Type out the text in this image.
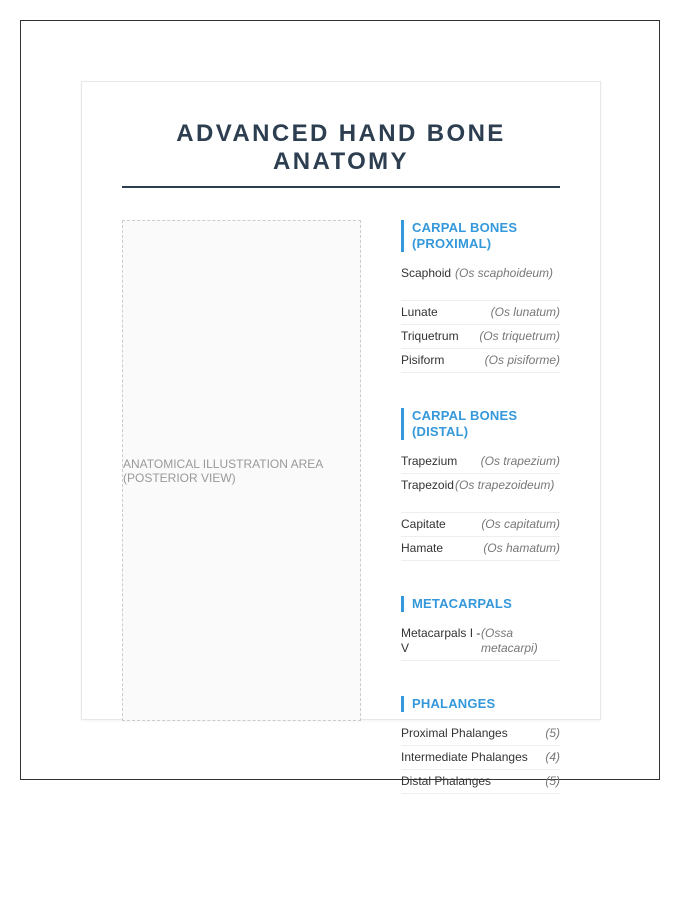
ADVANCED HAND BONE ANATOMY
ANATOMICAL ILLUSTRATION AREA (POSTERIOR VIEW)
CARPAL BONES (PROXIMAL)
Scaphoid (Os scaphoideum)
Lunate	(Os lunatum)
Triquetrum (Os triquetrum)
Pisiform	(Os pisiforme)
CARPAL BONES (DISTAL)
Trapezium (Os trapezium)
Trapezoid (Os trapezoideum)
Capitate	(Os capitatum)
Hamate	(Os hamatum)
METACARPALS
Metacarpals I - V
(Ossa metacarpi)
PHALANGES
Proximal Phalanges	(5)
Intermediate Phalanges (4)
Distal Phalanges	(5)
